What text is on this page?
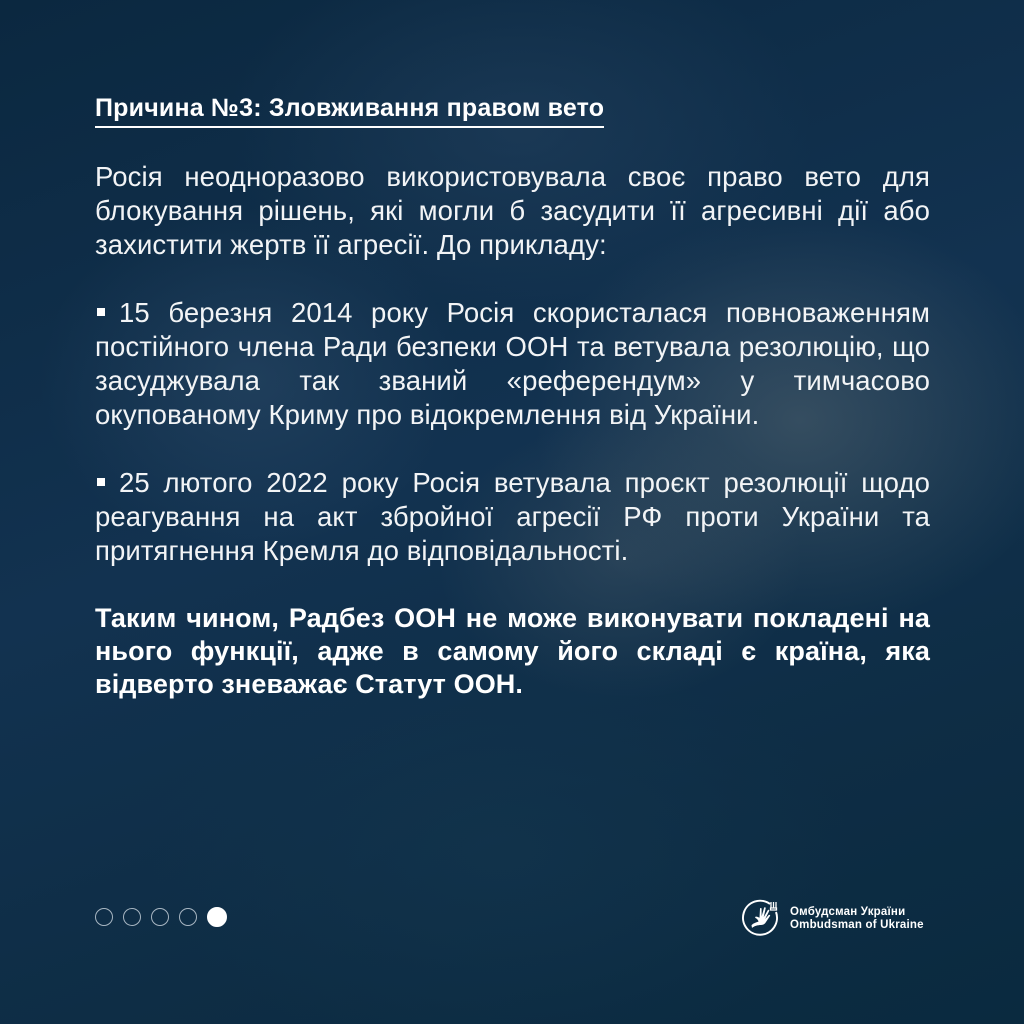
Причина №3: Зловживання правом вето

Росія неодноразово використовувала своє право вето для блокування рішень, які могли б засудити її агресивні дії або захистити жертв її агресії. До прикладу:

15 березня 2014 року Росія скористалася повноваженням постійного члена Ради безпеки ООН та ветувала резолюцію, що засуджувала так званий «референдум» у тимчасово окупованому Криму про відокремлення від України.

25 лютого 2022 року Росія ветувала проєкт резолюції щодо реагування на акт збройної агресії РФ проти України та притягнення Кремля до відповідальності.

Таким чином, Радбез ООН не може виконувати покладені на нього функції, адже в самому його складі є країна, яка відверто зневажає Статут ООН.

Омбудсман України
Ombudsman of Ukraine
